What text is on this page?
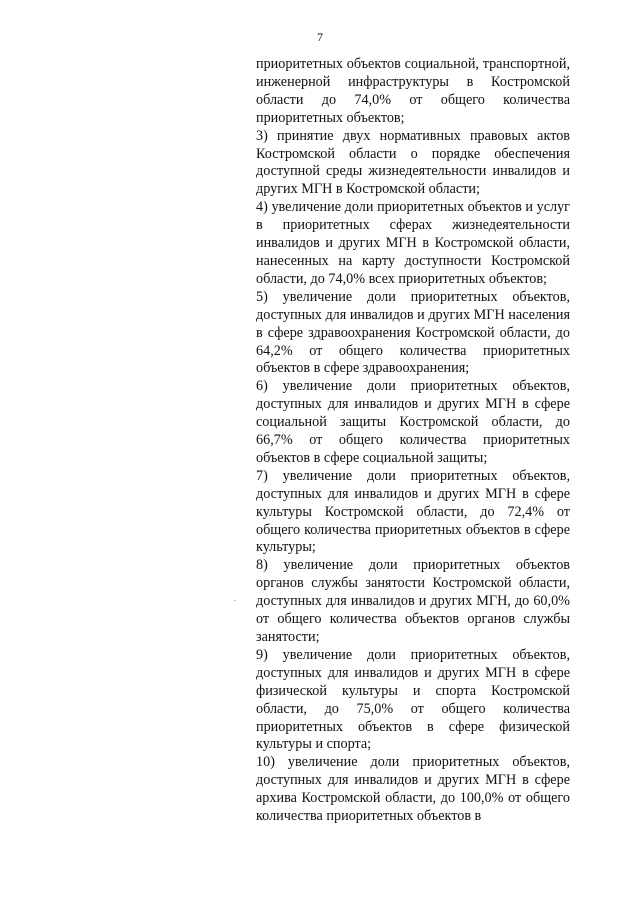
7

приоритетных объектов социальной, транспортной, инженерной инфраструктуры в Костромской области до 74,0% от общего количества приоритетных объектов;

3) принятие двух нормативных правовых актов Костромской области о порядке обеспечения доступной среды жизнедеятельности инвалидов и других МГН в Костромской области;

4) увеличение доли приоритетных объектов и услуг в приоритетных сферах жизнедеятельности инвалидов и других МГН в Костромской области, нанесенных на карту доступности Костромской области, до 74,0% всех приоритетных объектов;

5) увеличение доли приоритетных объектов, доступных для инвалидов и других МГН населения в сфере здравоохранения Костромской области, до 64,2% от общего количества приоритетных объектов в сфере здравоохранения;

6) увеличение доли приоритетных объектов, доступных для инвалидов и других МГН в сфере социальной защиты Костромской области, до 66,7% от общего количества приоритетных объектов в сфере социальной защиты;

7) увеличение доли приоритетных объектов, доступных для инвалидов и других МГН в сфере культуры Костромской области, до 72,4% от общего количества приоритетных объектов в сфере культуры;

8) увеличение доли приоритетных объектов органов службы занятости Костромской области, доступных для инвалидов и других МГН, до 60,0% от общего количества объектов органов службы занятости;

9) увеличение доли приоритетных объектов, доступных для инвалидов и других МГН в сфере физической культуры и спорта Костромской области, до 75,0% от общего количества приоритетных объектов в сфере физической культуры и спорта;

10) увеличение доли приоритетных объектов, доступных для инвалидов и других МГН в сфере архива Костромской области, до 100,0% от общего количества приоритетных объектов в
